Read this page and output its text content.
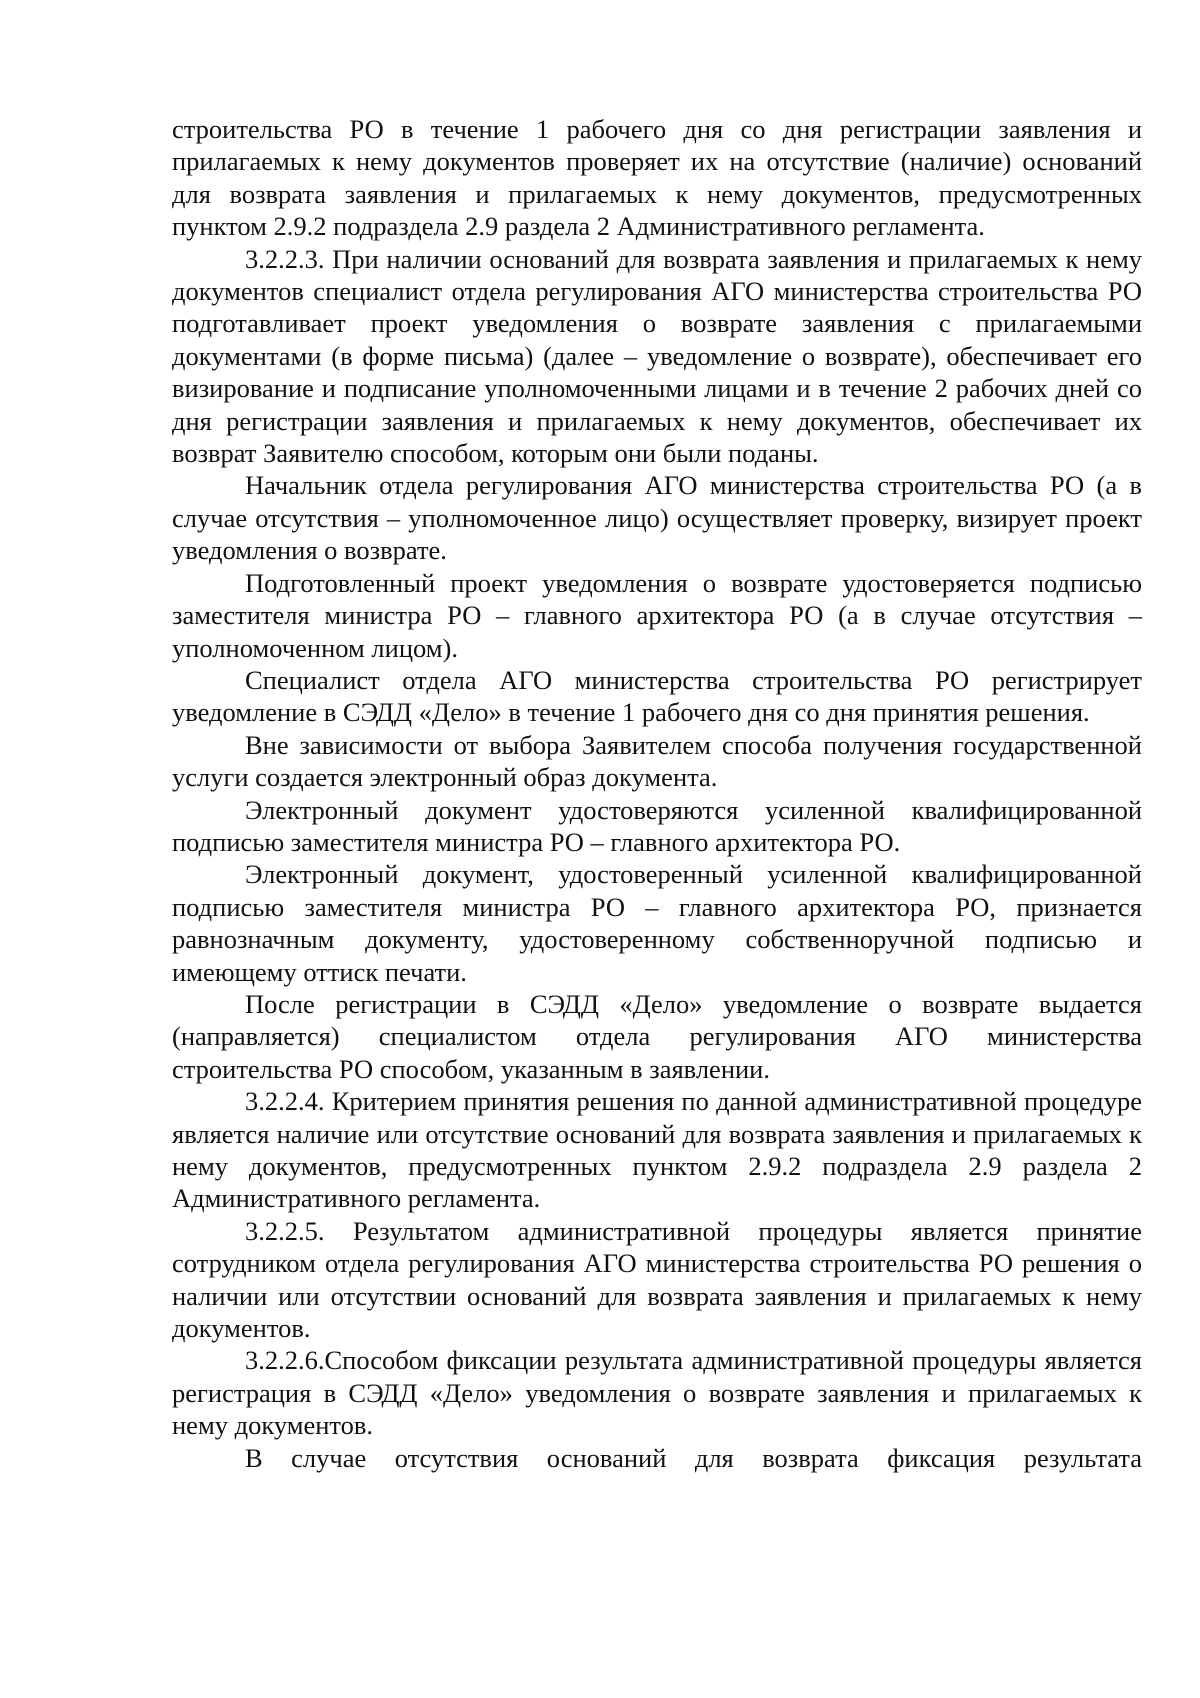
строительства РО в течение 1 рабочего дня со дня регистрации заявления и прилагаемых к нему документов проверяет их на отсутствие (наличие) оснований для возврата заявления и прилагаемых к нему документов, предусмотренных пунктом 2.9.2 подраздела 2.9 раздела 2 Административного регламента.

3.2.2.3. При наличии оснований для возврата заявления и прилагаемых к нему документов специалист отдела регулирования АГО министерства строительства РО подготавливает проект уведомления о возврате заявления с прилагаемыми документами (в форме письма) (далее – уведомление о возврате), обеспечивает его визирование и подписание уполномоченными лицами и в течение 2 рабочих дней со дня регистрации заявления и прилагаемых к нему документов, обеспечивает их возврат Заявителю способом, которым они были поданы.

Начальник отдела регулирования АГО министерства строительства РО (а в случае отсутствия – уполномоченное лицо) осуществляет проверку, визирует проект уведомления о возврате.

Подготовленный проект уведомления о возврате удостоверяется подписью заместителя министра РО – главного архитектора РО (а в случае отсутствия – уполномоченном лицом).

Специалист отдела АГО министерства строительства РО регистрирует уведомление в СЭДД «Дело» в течение 1 рабочего дня со дня принятия решения.

Вне зависимости от выбора Заявителем способа получения государственной услуги создается электронный образ документа.

Электронный документ удостоверяются усиленной квалифицированной подписью заместителя министра РО – главного архитектора РО.

Электронный документ, удостоверенный усиленной квалифицированной подписью заместителя министра РО – главного архитектора РО, признается равнозначным документу, удостоверенному собственноручной подписью и имеющему оттиск печати.

После регистрации в СЭДД «Дело» уведомление о возврате выдается (направляется) специалистом отдела регулирования АГО министерства строительства РО способом, указанным в заявлении.

3.2.2.4. Критерием принятия решения по данной административной процедуре является наличие или отсутствие оснований для возврата заявления и прилагаемых к нему документов, предусмотренных пунктом 2.9.2 подраздела 2.9 раздела 2 Административного регламента.

3.2.2.5. Результатом административной процедуры является принятие сотрудником отдела регулирования АГО министерства строительства РО решения о наличии или отсутствии оснований для возврата заявления и прилагаемых к нему документов.

3.2.2.6.Способом фиксации результата административной процедуры является регистрация в СЭДД «Дело» уведомления о возврате заявления и прилагаемых к нему документов.

В случае отсутствия оснований для возврата фиксация результата
